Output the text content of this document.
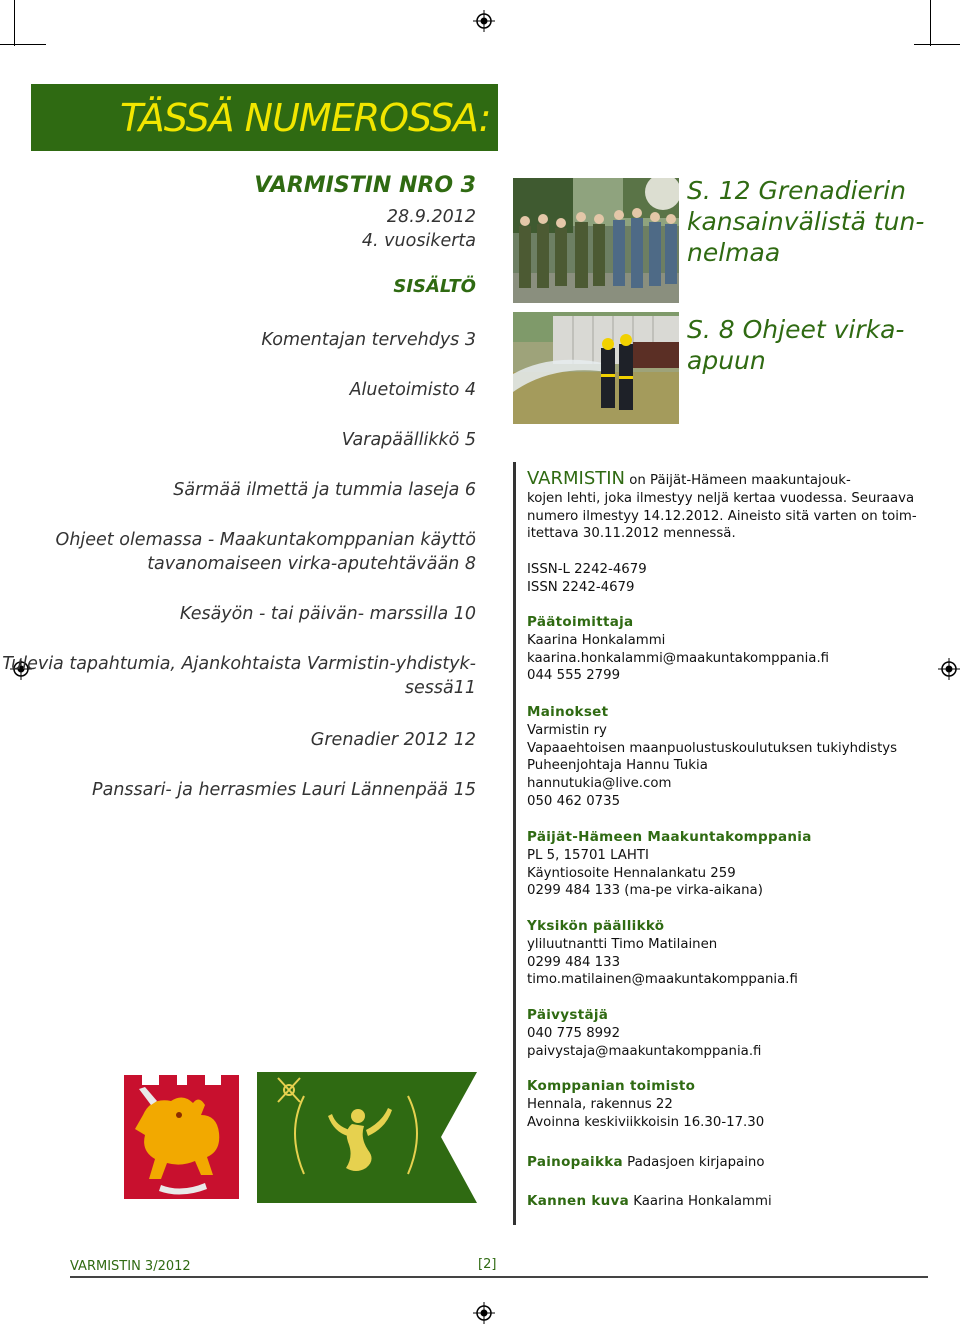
TÄSSÄ NUMEROSSA:
VARMISTIN NRO 3
28.9.2012
4. vuosikerta
SISÄLTÖ
Komentajan tervehdys 3
Aluetoimisto 4
Varapäällikkö 5
Särmää ilmettä ja tummia laseja 6
Ohjeet olemassa - Maakuntakomppanian käyttö
tavanomaiseen virka-aputehtävään 8
Kesäyön - tai päivän- marssilla 10
Tulevia tapahtumia, Ajankohtaista Varmistin-yhdistyk-
sessä11
Grenadier 2012 12
Panssari- ja herrasmies Lauri Lännenpää 15
S. 12 Grenadierin
kansainvälistä tun-
nelmaa
S. 8 Ohjeet virka-
apuun
VARMISTIN on Päijät-Hämeen maakuntajouk-
kojen lehti, joka ilmestyy neljä kertaa vuodessa. Seuraava
numero ilmestyy 14.12.2012. Aineisto sitä varten on toim-
itettava 30.11.2012 mennessä.
ISSN-L 2242-4679
ISSN 2242-4679
Päätoimittaja
Kaarina Honkalammi
kaarina.honkalammi@maakuntakomppania.fi
044 555 2799
Mainokset
Varmistin ry
Vapaaehtoisen maanpuolustuskoulutuksen tukiyhdistys
Puheenjohtaja Hannu Tukia
hannutukia@live.com
050 462 0735
Päijät-Hämeen Maakuntakomppania
PL 5, 15701 LAHTI
Käyntiosoite Hennalankatu 259
0299 484 133 (ma-pe virka-aikana)
Yksikön päällikkö
yliluutnantti Timo Matilainen
0299 484 133
timo.matilainen@maakuntakomppania.fi
Päivystäjä
040 775 8992
paivystaja@maakuntakomppania.fi
Komppanian toimisto
Hennala, rakennus 22
Avoinna keskiviikkoisin 16.30-17.30
Painopaikka Padasjoen kirjapaino
Kannen kuva Kaarina Honkalammi
VARMISTIN 3/2012	[2]
